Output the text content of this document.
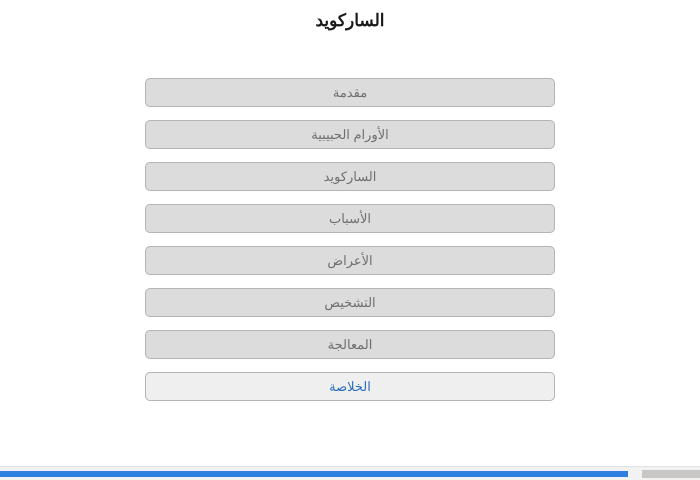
الساركويد
مقدمة
الأورام الحبيبية
الساركويد
الأسباب
الأعراض
التشخيص
المعالجة
الخلاصة
